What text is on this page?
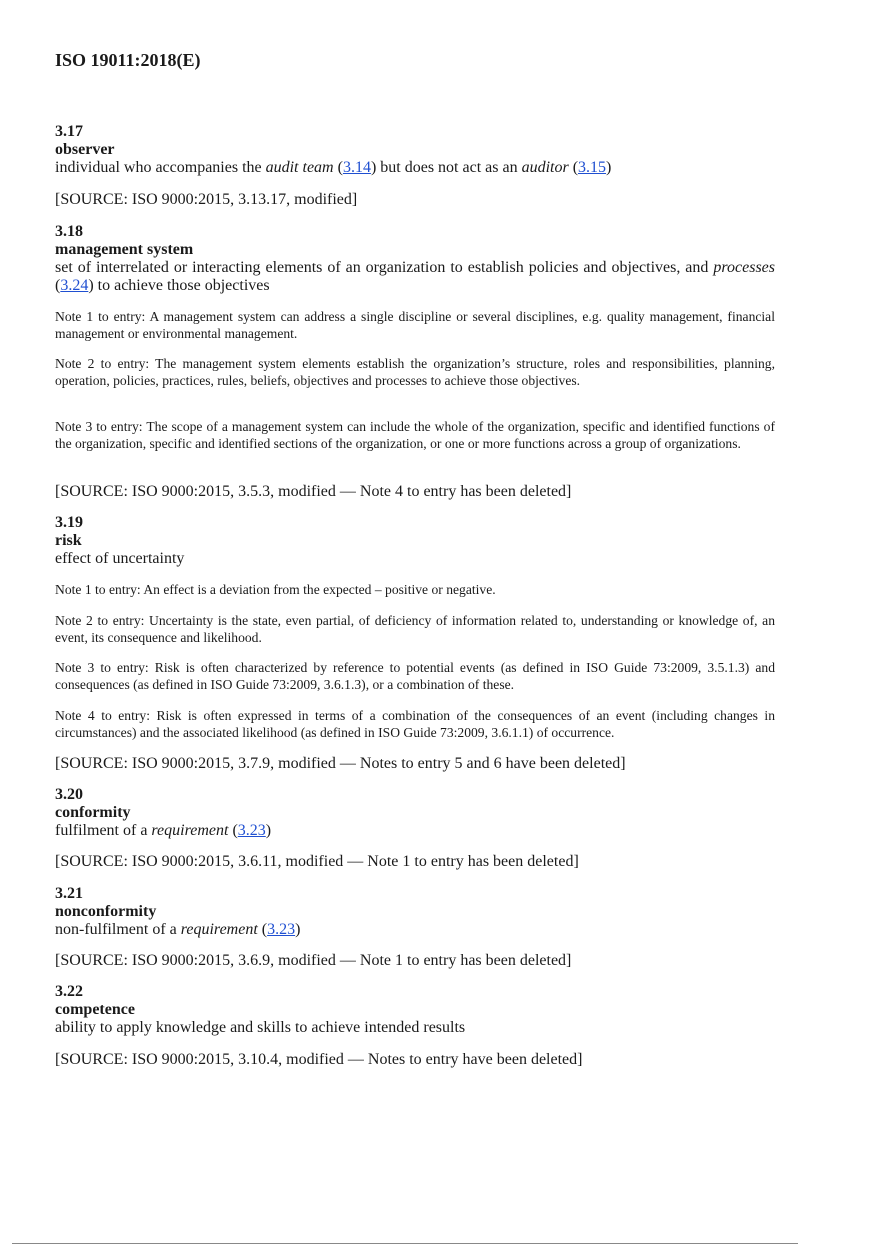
ISO 19011:2018(E)
3.17
observer
individual who accompanies the audit team (3.14) but does not act as an auditor (3.15)
[SOURCE: ISO 9000:2015, 3.13.17, modified]
3.18
management system
set of interrelated or interacting elements of an organization to establish policies and objectives, and processes (3.24) to achieve those objectives
Note 1 to entry: A management system can address a single discipline or several disciplines, e.g. quality management, financial management or environmental management.
Note 2 to entry: The management system elements establish the organization’s structure, roles and responsibilities, planning, operation, policies, practices, rules, beliefs, objectives and processes to achieve those objectives.
Note 3 to entry: The scope of a management system can include the whole of the organization, specific and identified functions of the organization, specific and identified sections of the organization, or one or more functions across a group of organizations.
[SOURCE: ISO 9000:2015, 3.5.3, modified — Note 4 to entry has been deleted]
3.19
risk
effect of uncertainty
Note 1 to entry: An effect is a deviation from the expected – positive or negative.
Note 2 to entry: Uncertainty is the state, even partial, of deficiency of information related to, understanding or knowledge of, an event, its consequence and likelihood.
Note 3 to entry: Risk is often characterized by reference to potential events (as defined in ISO Guide 73:2009, 3.5.1.3) and consequences (as defined in ISO Guide 73:2009, 3.6.1.3), or a combination of these.
Note 4 to entry: Risk is often expressed in terms of a combination of the consequences of an event (including changes in circumstances) and the associated likelihood (as defined in ISO Guide 73:2009, 3.6.1.1) of occurrence.
[SOURCE: ISO 9000:2015, 3.7.9, modified — Notes to entry 5 and 6 have been deleted]
3.20
conformity
fulfilment of a requirement (3.23)
[SOURCE: ISO 9000:2015, 3.6.11, modified — Note 1 to entry has been deleted]
3.21
nonconformity
non-fulfilment of a requirement (3.23)
[SOURCE: ISO 9000:2015, 3.6.9, modified — Note 1 to entry has been deleted]
3.22
competence
ability to apply knowledge and skills to achieve intended results
[SOURCE: ISO 9000:2015, 3.10.4, modified — Notes to entry have been deleted]
